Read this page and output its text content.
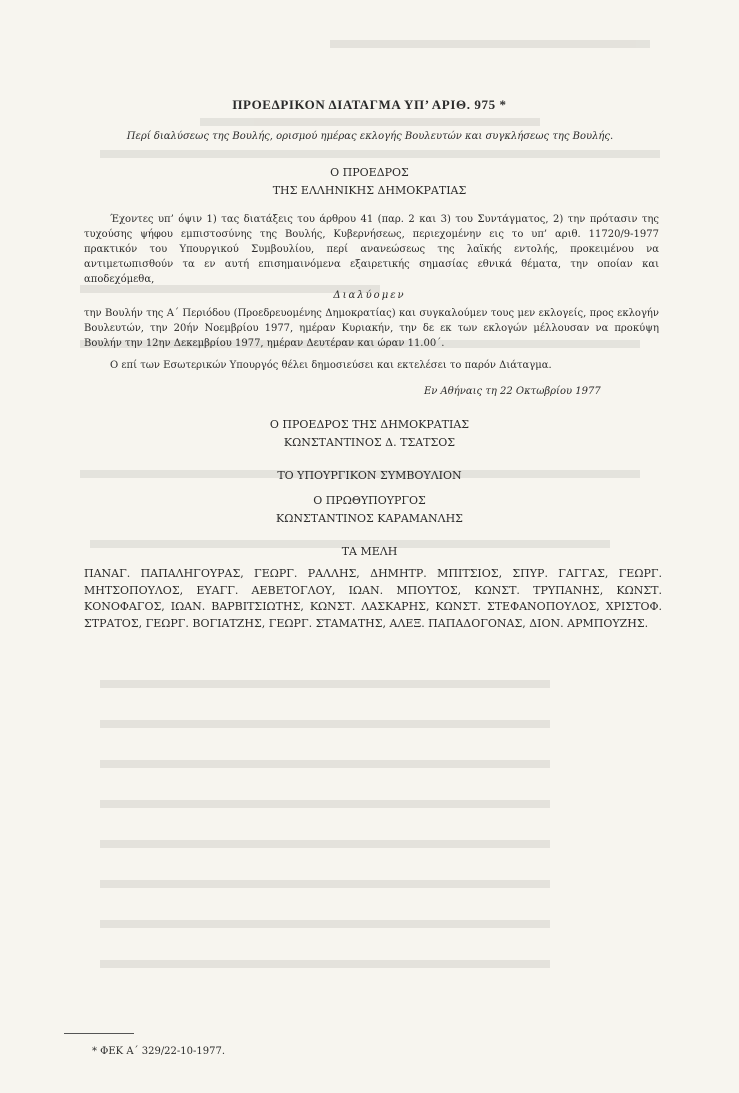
ΠΡΟΕΔΡΙΚΟΝ ΔΙΑΤΑΓΜΑ ΥΠ’ ΑΡΙΘ. 975 *
Περί διαλύσεως της Βουλής, ορισμού ημέρας εκλογής Βουλευτών και συγκλήσεως της Βουλής.
Ο ΠΡΟΕΔΡΟΣ
ΤΗΣ ΕΛΛΗΝΙΚΗΣ ΔΗΜΟΚΡΑΤΙΑΣ
Έχοντες υπ’ όψιν 1) τας διατάξεις του άρθρου 41 (παρ. 2 και 3) του Συντάγματος, 2) την πρότασιν της τυχούσης ψήφου εμπιστοσύνης της Βουλής, Κυβερνήσεως, περιεχομένην εις το υπ’ αριθ. 11720/9-1977 πρακτικόν του Υπουργικού Συμβουλίου, περί ανανεώσεως της λαϊκής εντολής, προκειμένου να αντιμετωπισθούν τα εν αυτή επισημαινόμενα εξαιρετικής σημασίας εθνικά θέματα, την οποίαν και αποδεχόμεθα,
Διαλύομεν
την Βουλήν της Α΄ Περιόδου (Προεδρευομένης Δημοκρατίας) και συγκαλούμεν τους μεν εκλογείς, προς εκλογήν Βουλευτών, την 20ήν Νοεμβρίου 1977, ημέραν Κυριακήν, την δε εκ των εκλογών μέλλουσαν να προκύψη Βουλήν την 12ην Δεκεμβρίου 1977, ημέραν Δευτέραν και ώραν 11.00΄.
Ο επί των Εσωτερικών Υπουργός θέλει δημοσιεύσει και εκτελέσει το παρόν Διάταγμα.
Εν Αθήναις τη 22 Οκτωβρίου 1977
Ο ΠΡΟΕΔΡΟΣ ΤΗΣ ΔΗΜΟΚΡΑΤΙΑΣ
ΚΩΝΣΤΑΝΤΙΝΟΣ Δ. ΤΣΑΤΣΟΣ
ΤΟ ΥΠΟΥΡΓΙΚΟΝ ΣΥΜΒΟΥΛΙΟΝ
Ο ΠΡΩΘΥΠΟΥΡΓΟΣ
ΚΩΝΣΤΑΝΤΙΝΟΣ ΚΑΡΑΜΑΝΛΗΣ
ΤΑ ΜΕΛΗ
ΠΑΝΑΓ. ΠΑΠΑΛΗΓΟΥΡΑΣ, ΓΕΩΡΓ. ΡΑΛΛΗΣ, ΔΗΜΗΤΡ. ΜΠΙΤΣΙΟΣ, ΣΠΥΡ. ΓΑΓΓΑΣ, ΓΕΩΡΓ. ΜΗΤΣΟΠΟΥΛΟΣ, ΕΥΑΓΓ. ΑΕΒΕΤΟΓΛΟΥ, ΙΩΑΝ. ΜΠΟΥΤΟΣ, ΚΩΝΣΤ. ΤΡΥΠΑΝΗΣ, ΚΩΝΣΤ. ΚΟΝΟΦΑΓΟΣ, ΙΩΑΝ. ΒΑΡΒΙΤΣΙΩΤΗΣ, ΚΩΝΣΤ. ΛΑΣΚΑΡΗΣ, ΚΩΝΣΤ. ΣΤΕΦΑΝΟΠΟΥΛΟΣ, ΧΡΙΣΤΟΦ. ΣΤΡΑΤΟΣ, ΓΕΩΡΓ. ΒΟΓΙΑΤΖΗΣ, ΓΕΩΡΓ. ΣΤΑΜΑΤΗΣ, ΑΛΕΞ. ΠΑΠΑΔΟΓΟΝΑΣ, ΔΙΟΝ. ΑΡΜΠΟΥΖΗΣ.
* ΦΕΚ Α΄ 329/22-10-1977.
